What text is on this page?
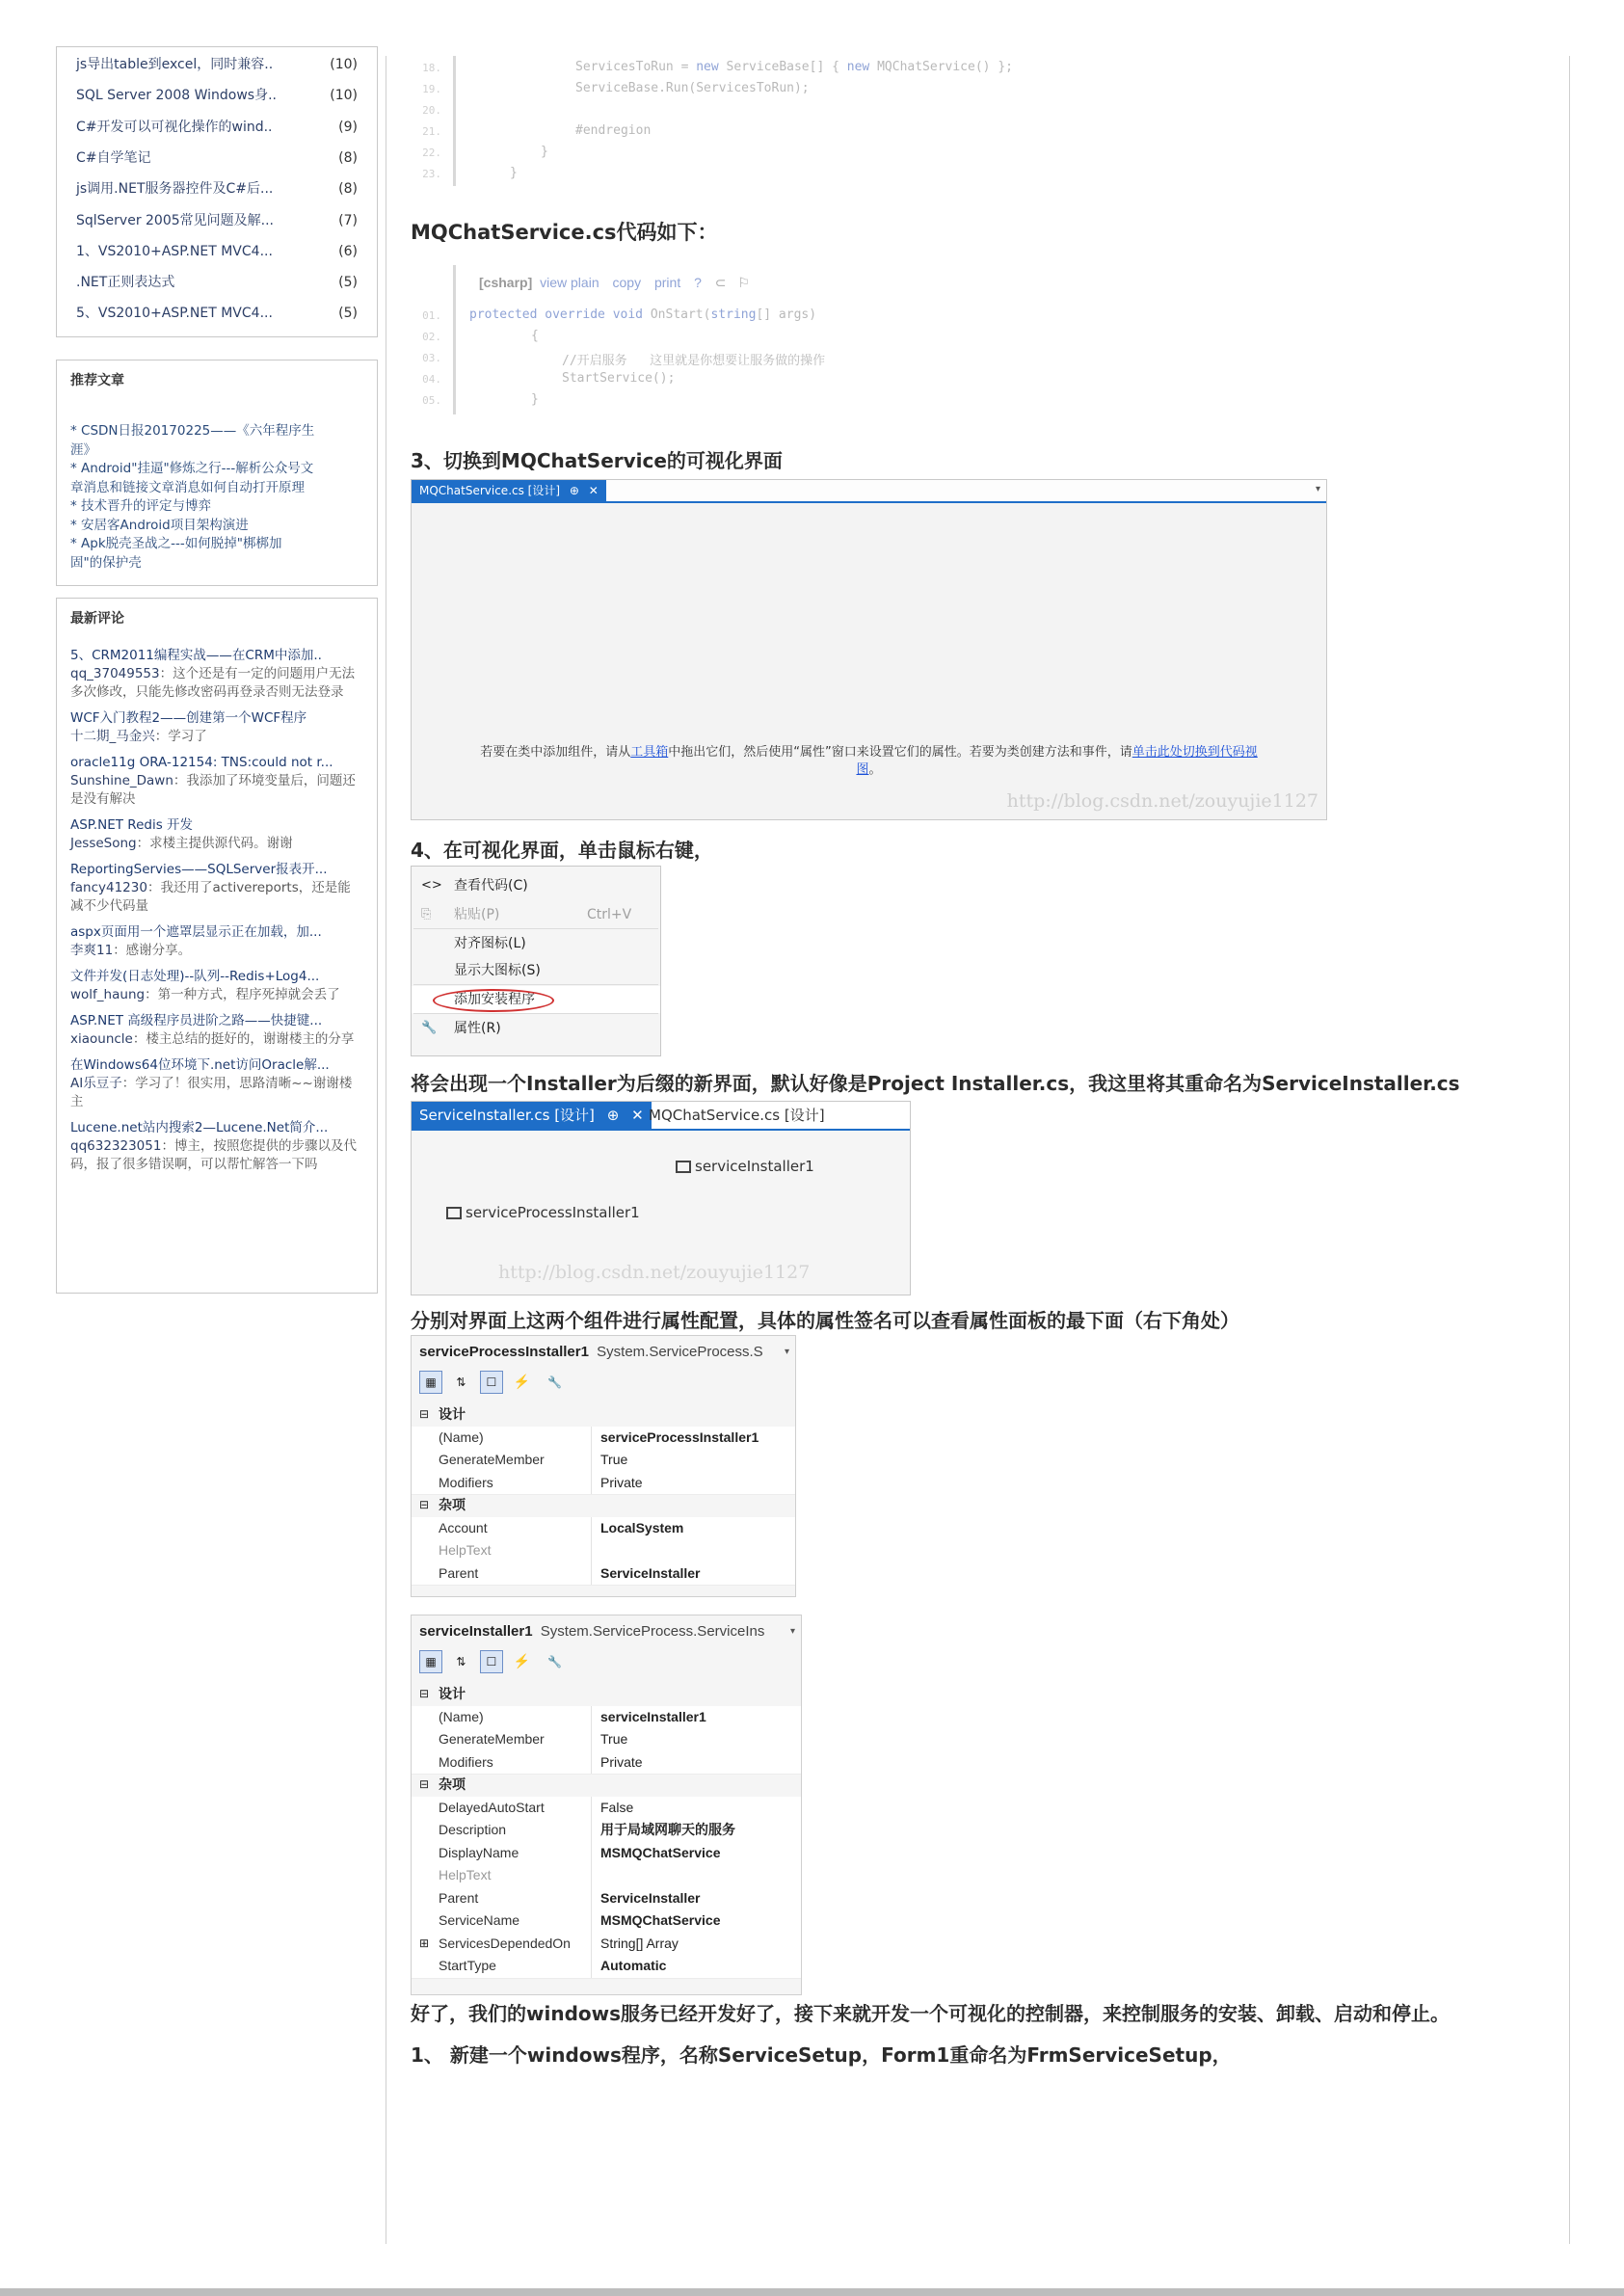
js导出table到excel，同时兼容..	(10)
SQL Server 2008 Windows身..	(10)
C#开发可以可视化操作的wind..	(9)
C#自学笔记	(8)
js调用.NET服务器控件及C#后...	(8)
SqlServer 2005常见问题及解...	(7)
1、VS2010+ASP.NET MVC4...	(6)
.NET正则表达式	(5)
5、VS2010+ASP.NET MVC4...	(5)
推荐文章

* CSDN日报20170225——《六年程序生

涯》

* Android"挂逼"修炼之行---解析公众号文

章消息和链接文章消息如何自动打开原理

* 技术晋升的评定与博弈

* 安居客Android项目架构演进

* Apk脱壳圣战之---如何脱掉"梆梆加

固"的保护壳

最新评论
5、CRM2011编程实战——在CRM中添加..
qq_37049553：这个还是有一定的问题用户无法多次修改，只能先修改密码再登录否则无法登录
WCF入门教程2——创建第一个WCF程序
十二期_马金兴：学习了
oracle11g ORA-12154: TNS:could not r...
Sunshine_Dawn：我添加了环境变量后，问题还是没有解决
ASP.NET Redis 开发
JesseSong：求楼主提供源代码。谢谢
ReportingServies——SQLServer报表开...
fancy41230：我还用了activereports，还是能减不少代码量
aspx页面用一个遮罩层显示正在加载，加...
李爽11：感谢分享。
文件并发(日志处理)--队列--Redis+Log4...
wolf_haung：第一种方式，程序死掉就会丢了
ASP.NET 高级程序员进阶之路——快捷键...
xiaouncle：楼主总结的挺好的，谢谢楼主的分享
在Windows64位环境下.net访问Oracle解...
AI乐豆子：学习了！很实用，思路清晰~~谢谢楼主
Lucene.net站内搜索2—Lucene.Net简介...
qq632323051：博主，按照您提供的步骤以及代码，报了很多错误啊，可以帮忙解答一下吗
18.
19.
20.
21.
22.
23.
ServicesToRun = new ServiceBase[] { new MQChatService() };
ServiceBase.Run(ServicesToRun);
#endregion
}
}
MQChatService.cs代码如下：
[csharp] view plain copy print ? ⊂ ⚐
01.
02.
03.
04.
05.
protected override void OnStart(string[] args)
{
//开启服务   这里就是你想要让服务做的操作
StartService();
}
3、切换到MQChatService的可视化界面
MQChatService.cs [设计] ⊕ ✕	▾
若要在类中添加组件，请从工具箱中拖出它们，然后使用“属性”窗口来设置它们的属性。若要为类创建方法和事件，请单击此处切换到代码视
图。
http://blog.csdn.net/zouyujie1127
4、在可视化界面，单击鼠标右键，
<> 查看代码(C)
⎘	粘贴(P)	Ctrl+V
对齐图标(L)
显示大图标(S)
添加安装程序
🔧 属性(R)
将会出现一个Installer为后缀的新界面，默认好像是Project Installer.cs，我这里将其重命名为ServiceInstaller.cs
ServiceInstaller.cs [设计] ⊕ ✕ MQChatService.cs [设计]
serviceInstaller1
serviceProcessInstaller1
http://blog.csdn.net/zouyujie1127
分别对界面上这两个组件进行属性配置，具体的属性签名可以查看属性面板的最下面（右下角处）
serviceProcessInstaller1 System.ServiceProcess.S ▾
▦ ⇅ ☐ ⚡ 🔧
⊟ 设计
(Name)	serviceProcessInstaller1
GenerateMember	True
Modifiers	Private
⊟ 杂项
Account	LocalSystem
HelpText
Parent	ServiceInstaller
serviceInstaller1 System.ServiceProcess.ServiceIns	▾
▦ ⇅ ☐ ⚡ 🔧
⊟ 设计
(Name)	serviceInstaller1
GenerateMember	True
Modifiers	Private
⊟ 杂项
DelayedAutoStart	False
Description	用于局域网聊天的服务
DisplayName	MSMQChatService
HelpText
Parent	ServiceInstaller
ServiceName	MSMQChatService
⊞ ServicesDependedOn String[] Array
StartType	Automatic
好了，我们的windows服务已经开发好了，接下来就开发一个可视化的控制器，来控制服务的安装、卸载、启动和停止。
1、 新建一个windows程序，名称ServiceSetup，Form1重命名为FrmServiceSetup，
